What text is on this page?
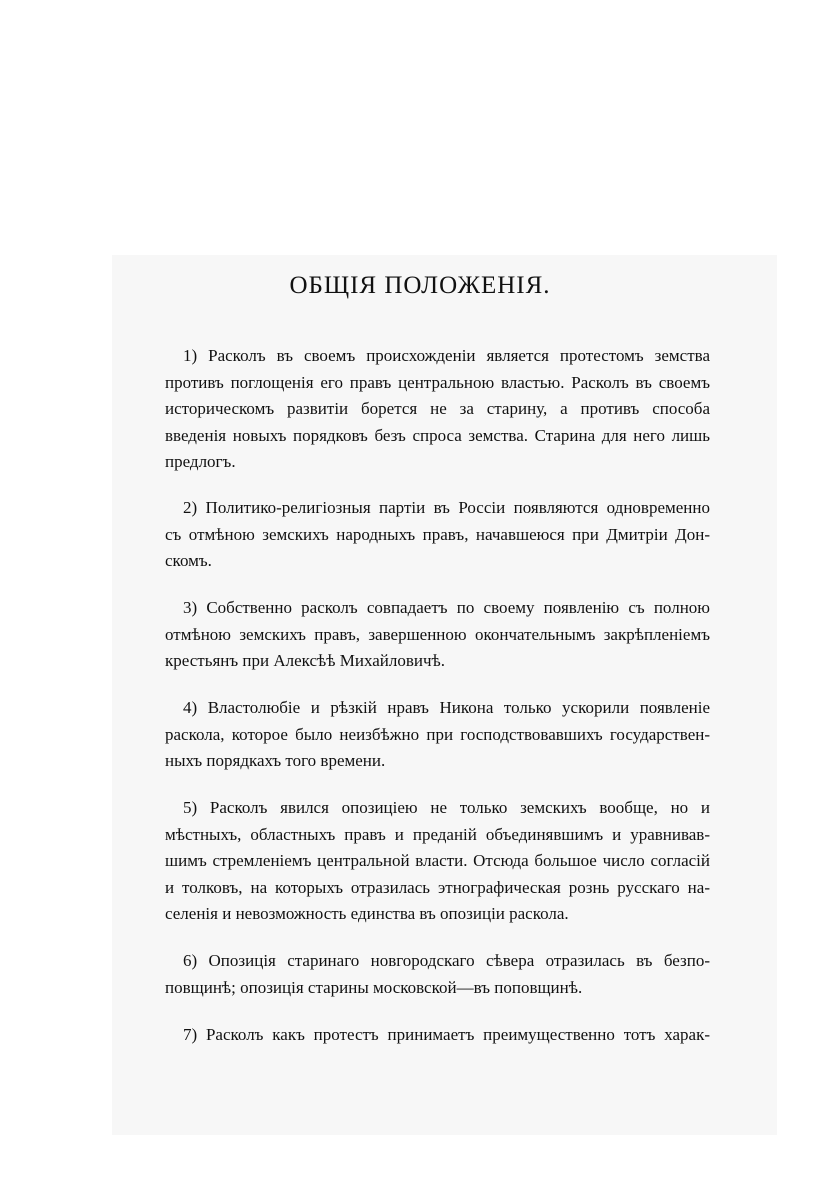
ОБЩІЯ ПОЛОЖЕНІЯ.

1) Расколъ въ своемъ происхожденіи является протестомъ земства
противъ поглощенія его правъ центральною властью. Расколъ въ своемъ
историческомъ развитіи борется не за старину, а противъ способа
введенія новыхъ порядковъ безъ спроса земства. Старина для него лишь
предлогъ.

2) Политико-религіозныя партіи въ Россіи появляются одновременно
съ отмѣною земскихъ народныхъ правъ, начавшеюся при Дмитріи Дон-
скомъ.

3) Собственно расколъ совпадаетъ по своему появленію съ полною
отмѣною земскихъ правъ, завершенною окончательнымъ закрѣпленіемъ
крестьянъ при Алексѣѣ Михайловичѣ.

4) Властолюбіе и рѣзкій нравъ Никона только ускорили появленіе
раскола, которое было неизбѣжно при господствовавшихъ государствен-
ныхъ порядкахъ того времени.

5) Расколъ явился опозиціею не только земскихъ вообще, но и
мѣстныхъ, областныхъ правъ и преданій объединявшимъ и уравнивав-
шимъ стремленіемъ центральной власти. Отсюда большое число согласій
и толковъ, на которыхъ отразилась этнографическая рознь русскаго на-
селенія и невозможность единства въ опозиціи раскола.

6) Опозиція старинаго новгородскаго сѣвера отразилась въ безпо-
повщинѣ; опозиція старины московской—въ поповщинѣ.

7) Расколъ какъ протестъ принимаетъ преимущественно тотъ харак-
